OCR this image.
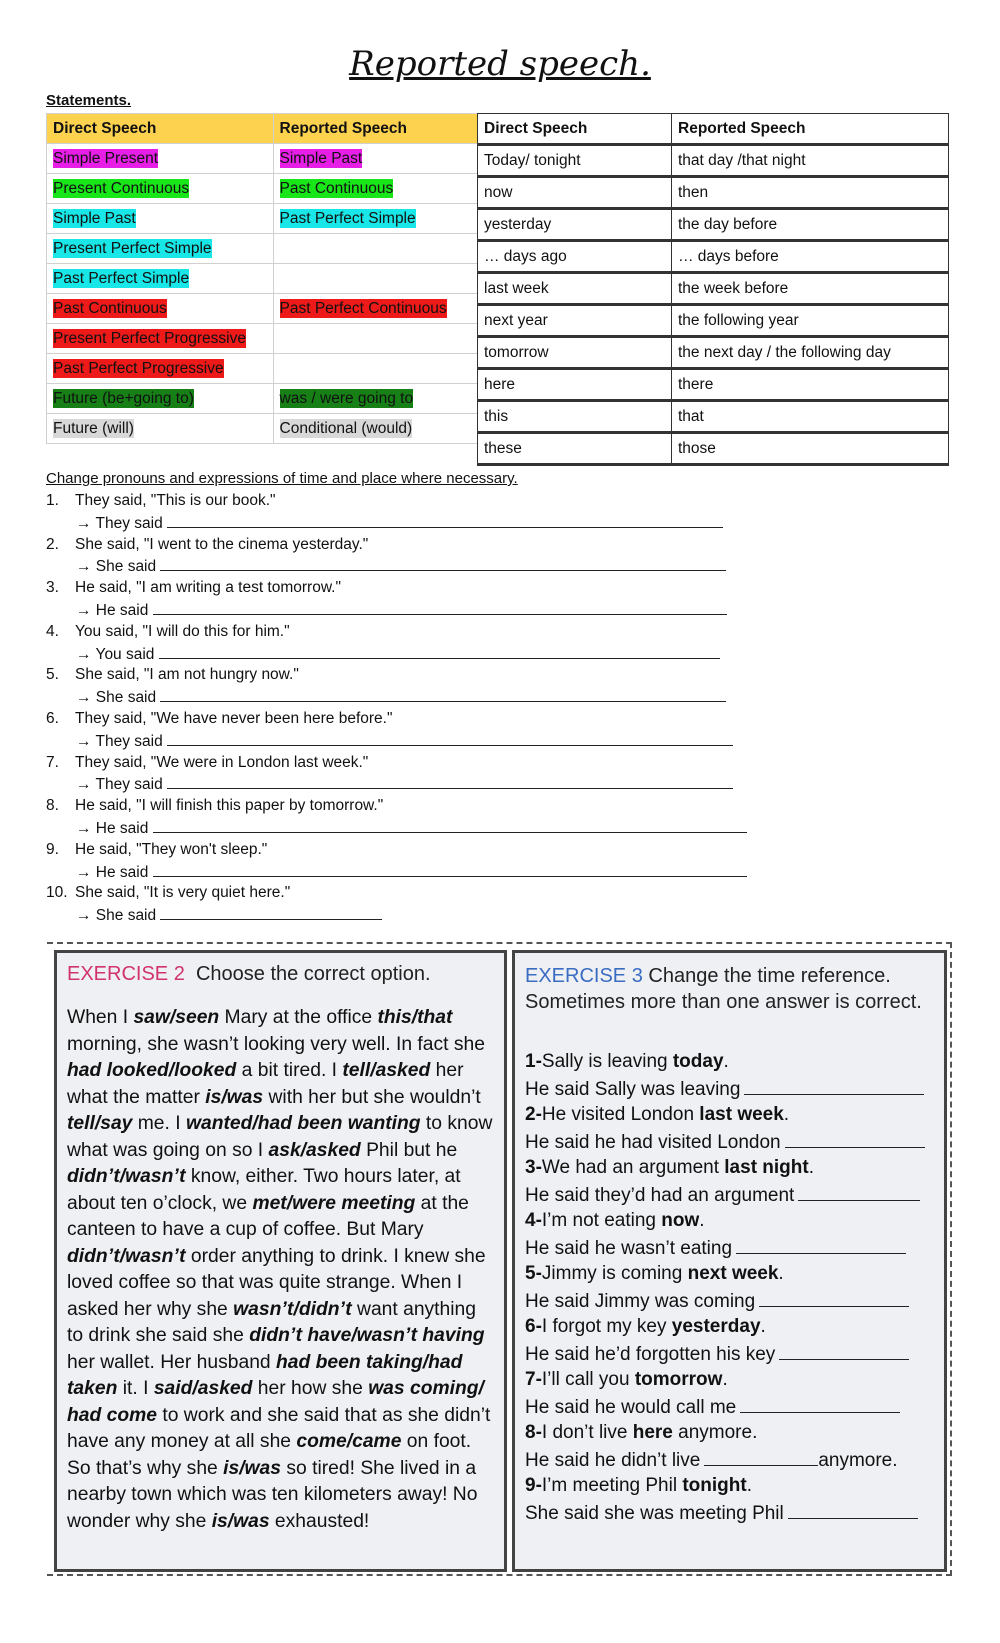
Reported speech.
Statements.
Direct Speech	Reported Speech
Simple Present	Simple Past
Present Continuous	Past Continuous
Simple Past	Past Perfect Simple
Present Perfect Simple	
Past Perfect Simple	
Past Continuous	Past Perfect Continuous
Present Perfect Progressive	
Past Perfect Progressive	
Future (be+going to)	was / were going to
Future (will)	Conditional (would)
Direct Speech	Reported Speech
Today/ tonight	that day /that night
now	then
yesterday	the day before
… days ago	… days before
last week	the week before
next year	the following year
tomorrow	the next day / the following day
here	there
this	that
these	those
Change pronouns and expressions of time and place where necessary.
1. They said, "This is our book."
→ They said
2. She said, "I went to the cinema yesterday."
→ She said
3. He said, "I am writing a test tomorrow."
→ He said
4. You said, "I will do this for him."
→ You said
5. She said, "I am not hungry now."
→ She said
6. They said, "We have never been here before."
→ They said
7. They said, "We were in London last week."
→ They said
8. He said, "I will finish this paper by tomorrow."
→ He said
9. He said, "They won't sleep."
→ He said
10. She said, "It is very quiet here."
→ She said
EXERCISE 2 Choose the correct option.
When I saw/seen Mary at the office this/that morning, she wasn’t looking very well. In fact she had looked/looked a bit tired. I tell/asked her what the matter is/was with her but she wouldn’t tell/say me. I wanted/had been wanting to know what was going on so I ask/asked Phil but he didn’t/wasn’t know, either. Two hours later, at about ten o’clock, we met/were meeting at the canteen to have a cup of coffee. But Mary didn’t/wasn’t order anything to drink. I knew she loved coffee so that was quite strange. When I asked her why she wasn’t/didn’t want anything to drink she said she didn’t have/wasn’t having her wallet. Her husband had been taking/had taken it. I said/asked her how she was coming/ had come to work and she said that as she didn’t have any money at all she come/came on foot. So that’s why she is/was so tired! She lived in a nearby town which was ten kilometers away! No wonder why she is/was exhausted!
EXERCISE 3 Change the time reference.
Sometimes more than one answer is correct.
1-Sally is leaving today.
He said Sally was leaving
2-He visited London last week.
He said he had visited London
3-We had an argument last night.
He said they’d had an argument
4-I’m not eating now.
He said he wasn’t eating
5-Jimmy is coming next week.
He said Jimmy was coming
6-I forgot my key yesterday.
He said he’d forgotten his key
7-I’ll call you tomorrow.
He said he would call me
8-I don’t live here anymore.
He said he didn’t live	anymore.
9-I’m meeting Phil tonight.
She said she was meeting Phil
